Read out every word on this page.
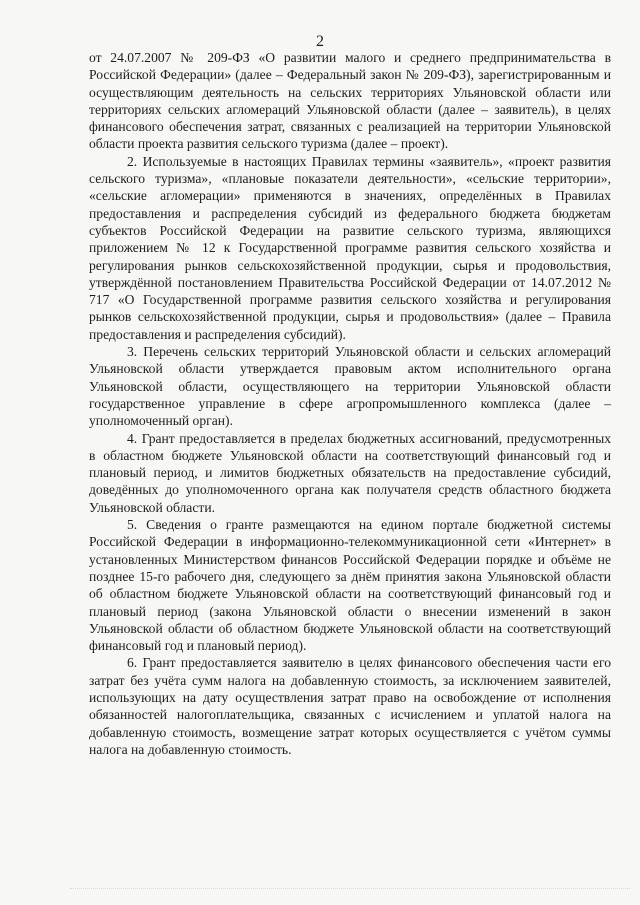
2

от 24.07.2007 № 209-ФЗ «О развитии малого и среднего предпринимательства в Российской Федерации» (далее – Федеральный закон № 209-ФЗ), зарегистрированным и осуществляющим деятельность на сельских территориях Ульяновской области или территориях сельских агломераций Ульяновской области (далее – заявитель), в целях финансового обеспечения затрат, связанных с реализацией на территории Ульяновской области проекта развития сельского туризма (далее – проект).

2. Используемые в настоящих Правилах термины «заявитель», «проект развития сельского туризма», «плановые показатели деятельности», «сельские территории», «сельские агломерации» применяются в значениях, определённых в Правилах предоставления и распределения субсидий из федерального бюджета бюджетам субъектов Российской Федерации на развитие сельского туризма, являющихся приложением № 12 к Государственной программе развития сельского хозяйства и регулирования рынков сельскохозяйственной продукции, сырья и продовольствия, утверждённой постановлением Правительства Российской Федерации от 14.07.2012 № 717 «О Государственной программе развития сельского хозяйства и регулирования рынков сельскохозяйственной продукции, сырья и продовольствия» (далее – Правила предоставления и распределения субсидий).

3. Перечень сельских территорий Ульяновской области и сельских агломераций Ульяновской области утверждается правовым актом исполнительного органа Ульяновской области, осуществляющего на территории Ульяновской области государственное управление в сфере агропромышленного комплекса (далее – уполномоченный орган).

4. Грант предоставляется в пределах бюджетных ассигнований, предусмотренных в областном бюджете Ульяновской области на соответствующий финансовый год и плановый период, и лимитов бюджетных обязательств на предоставление субсидий, доведённых до уполномоченного органа как получателя средств областного бюджета Ульяновской области.

5. Сведения о гранте размещаются на едином портале бюджетной системы Российской Федерации в информационно-телекоммуникационной сети «Интернет» в установленных Министерством финансов Российской Федерации порядке и объёме не позднее 15-го рабочего дня, следующего за днём принятия закона Ульяновской области об областном бюджете Ульяновской области на соответствующий финансовый год и плановый период (закона Ульяновской области о внесении изменений в закон Ульяновской области об областном бюджете Ульяновской области на соответствующий финансовый год и плановый период).

6. Грант предоставляется заявителю в целях финансового обеспечения части его затрат без учёта сумм налога на добавленную стоимость, за исключением заявителей, использующих на дату осуществления затрат право на освобождение от исполнения обязанностей налогоплательщика, связанных с исчислением и уплатой налога на добавленную стоимость, возмещение затрат которых осуществляется с учётом суммы налога на добавленную стоимость.
